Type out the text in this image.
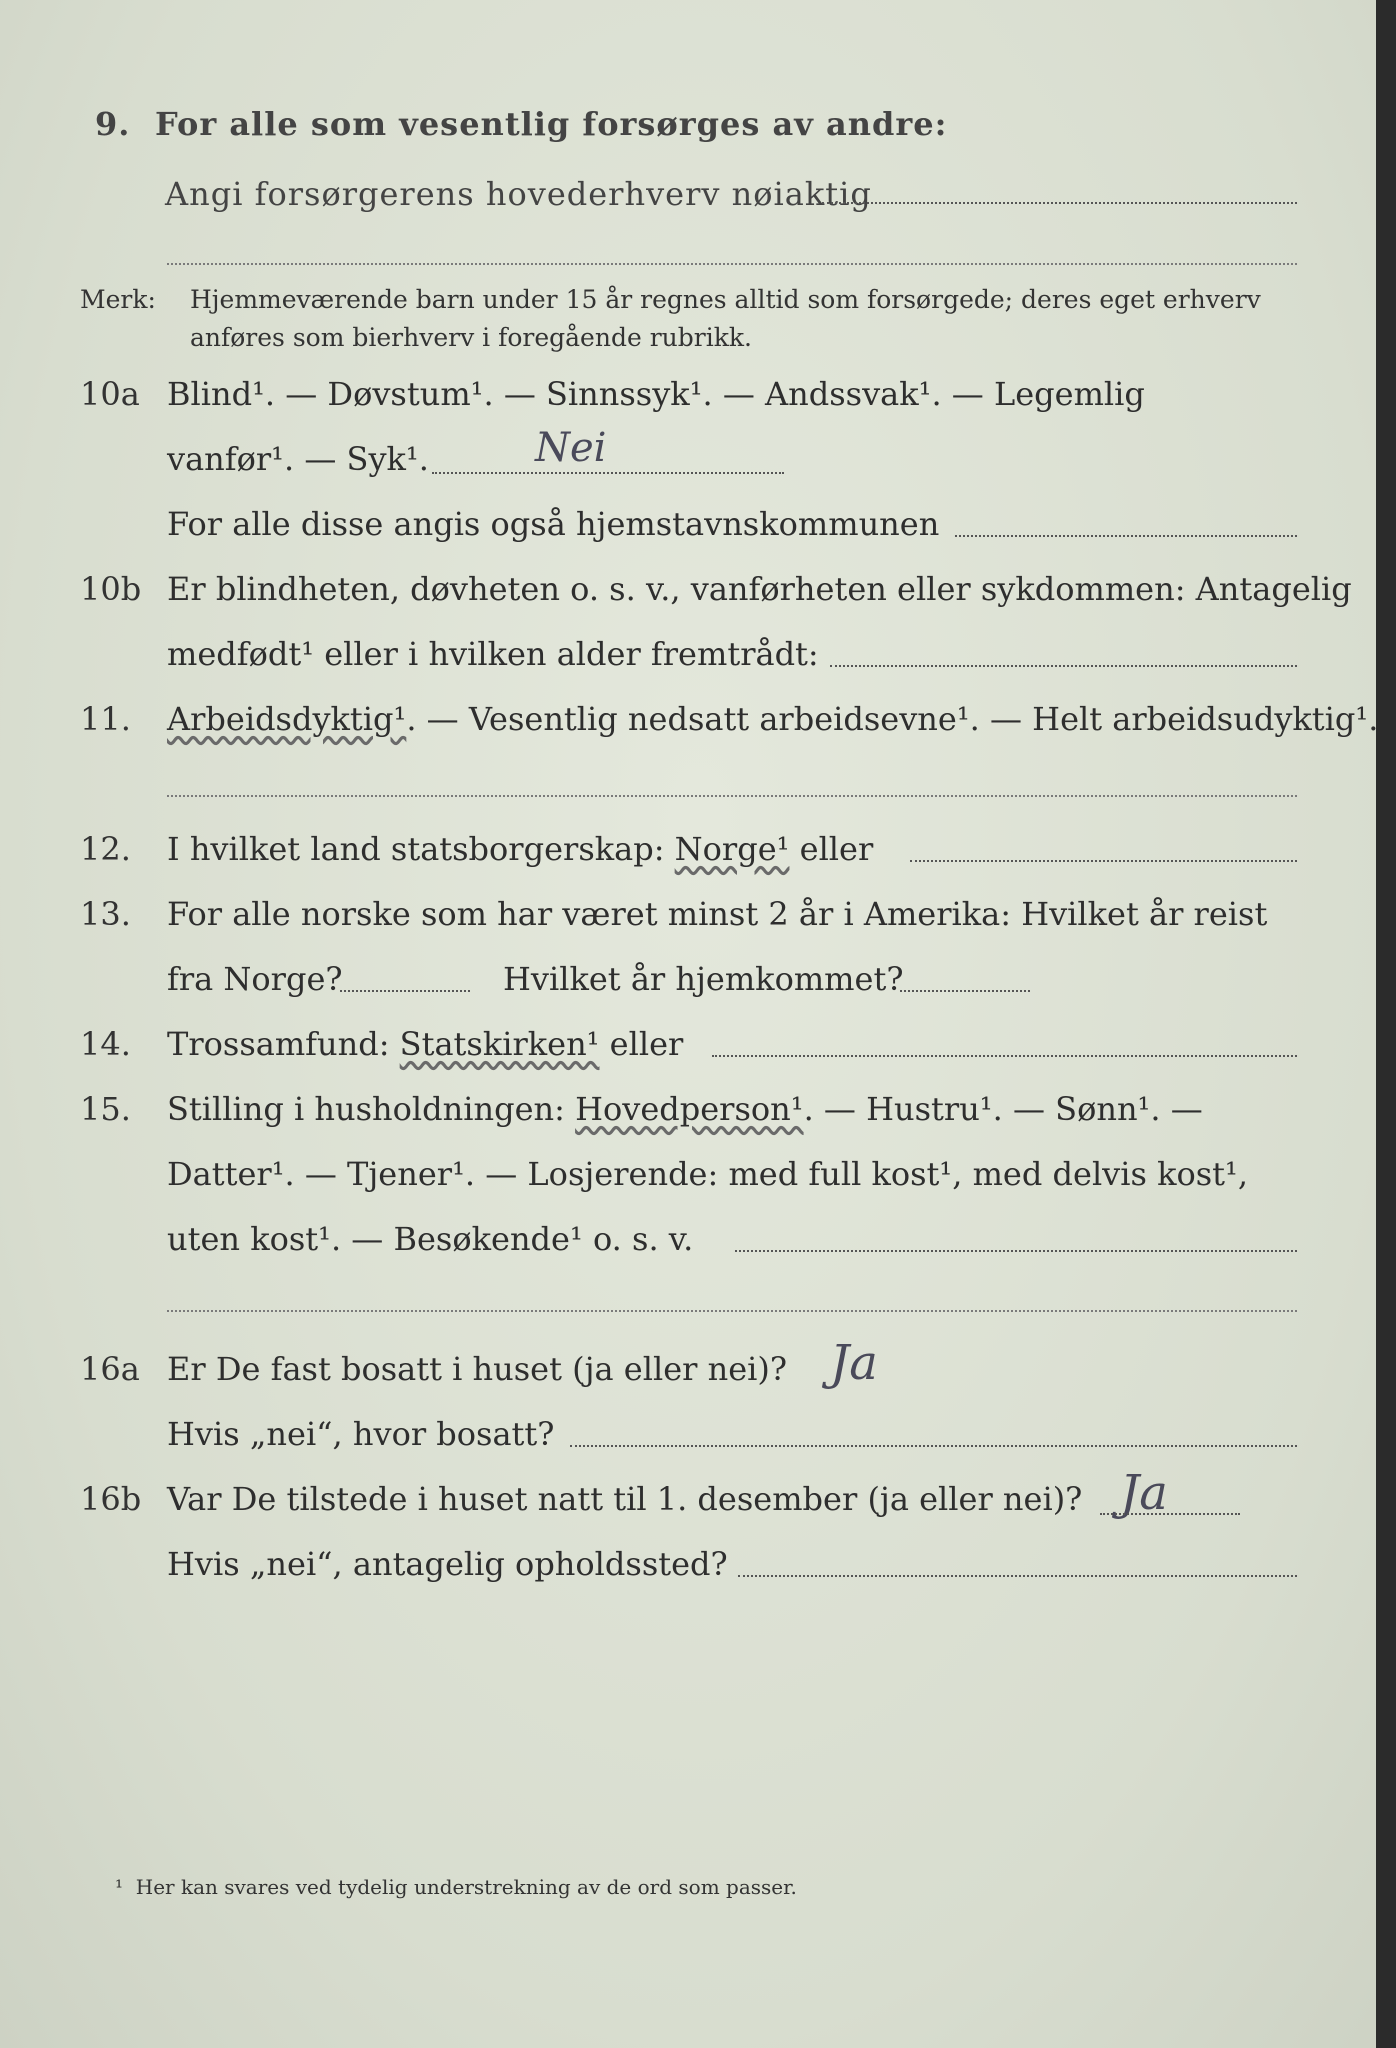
9. For alle som vesentlig forsørges av andre:
Angi forsørgerens hovederhverv nøiaktig
Merk: Hjemmeværende barn under 15 år regnes alltid som forsørgede; deres eget erhverv
anføres som bierhverv i foregående rubrikk.
10a Blind¹. — Døvstum¹. — Sinnssyk¹. — Andssvak¹. — Legemlig
vanfør¹. — Syk¹.	Nei
For alle disse angis også hjemstavnskommunen
10b Er blindheten, døvheten o. s. v., vanførheten eller sykdommen: Antagelig
medfødt¹ eller i hvilken alder fremtrådt:
11. Arbeidsdyktig¹. — Vesentlig nedsatt arbeidsevne¹. — Helt arbeidsudyktig¹.
12. I hvilket land statsborgerskap: Norge¹ eller
13. For alle norske som har været minst 2 år i Amerika: Hvilket år reist
fra Norge?	Hvilket år hjemkommet?
14. Trossamfund: Statskirken¹ eller
15. Stilling i husholdningen: Hovedperson¹. — Hustru¹. — Sønn¹. —
Datter¹. — Tjener¹. — Losjerende: med full kost¹, med delvis kost¹,
uten kost¹. — Besøkende¹ o. s. v.
16a Er De fast bosatt i huset (ja eller nei)? Ja
Hvis „nei“, hvor bosatt?
16b Var De tilstede i huset natt til 1. desember (ja eller nei)? Ja
Hvis „nei“, antagelig opholdssted?
¹ Her kan svares ved tydelig understrekning av de ord som passer.
